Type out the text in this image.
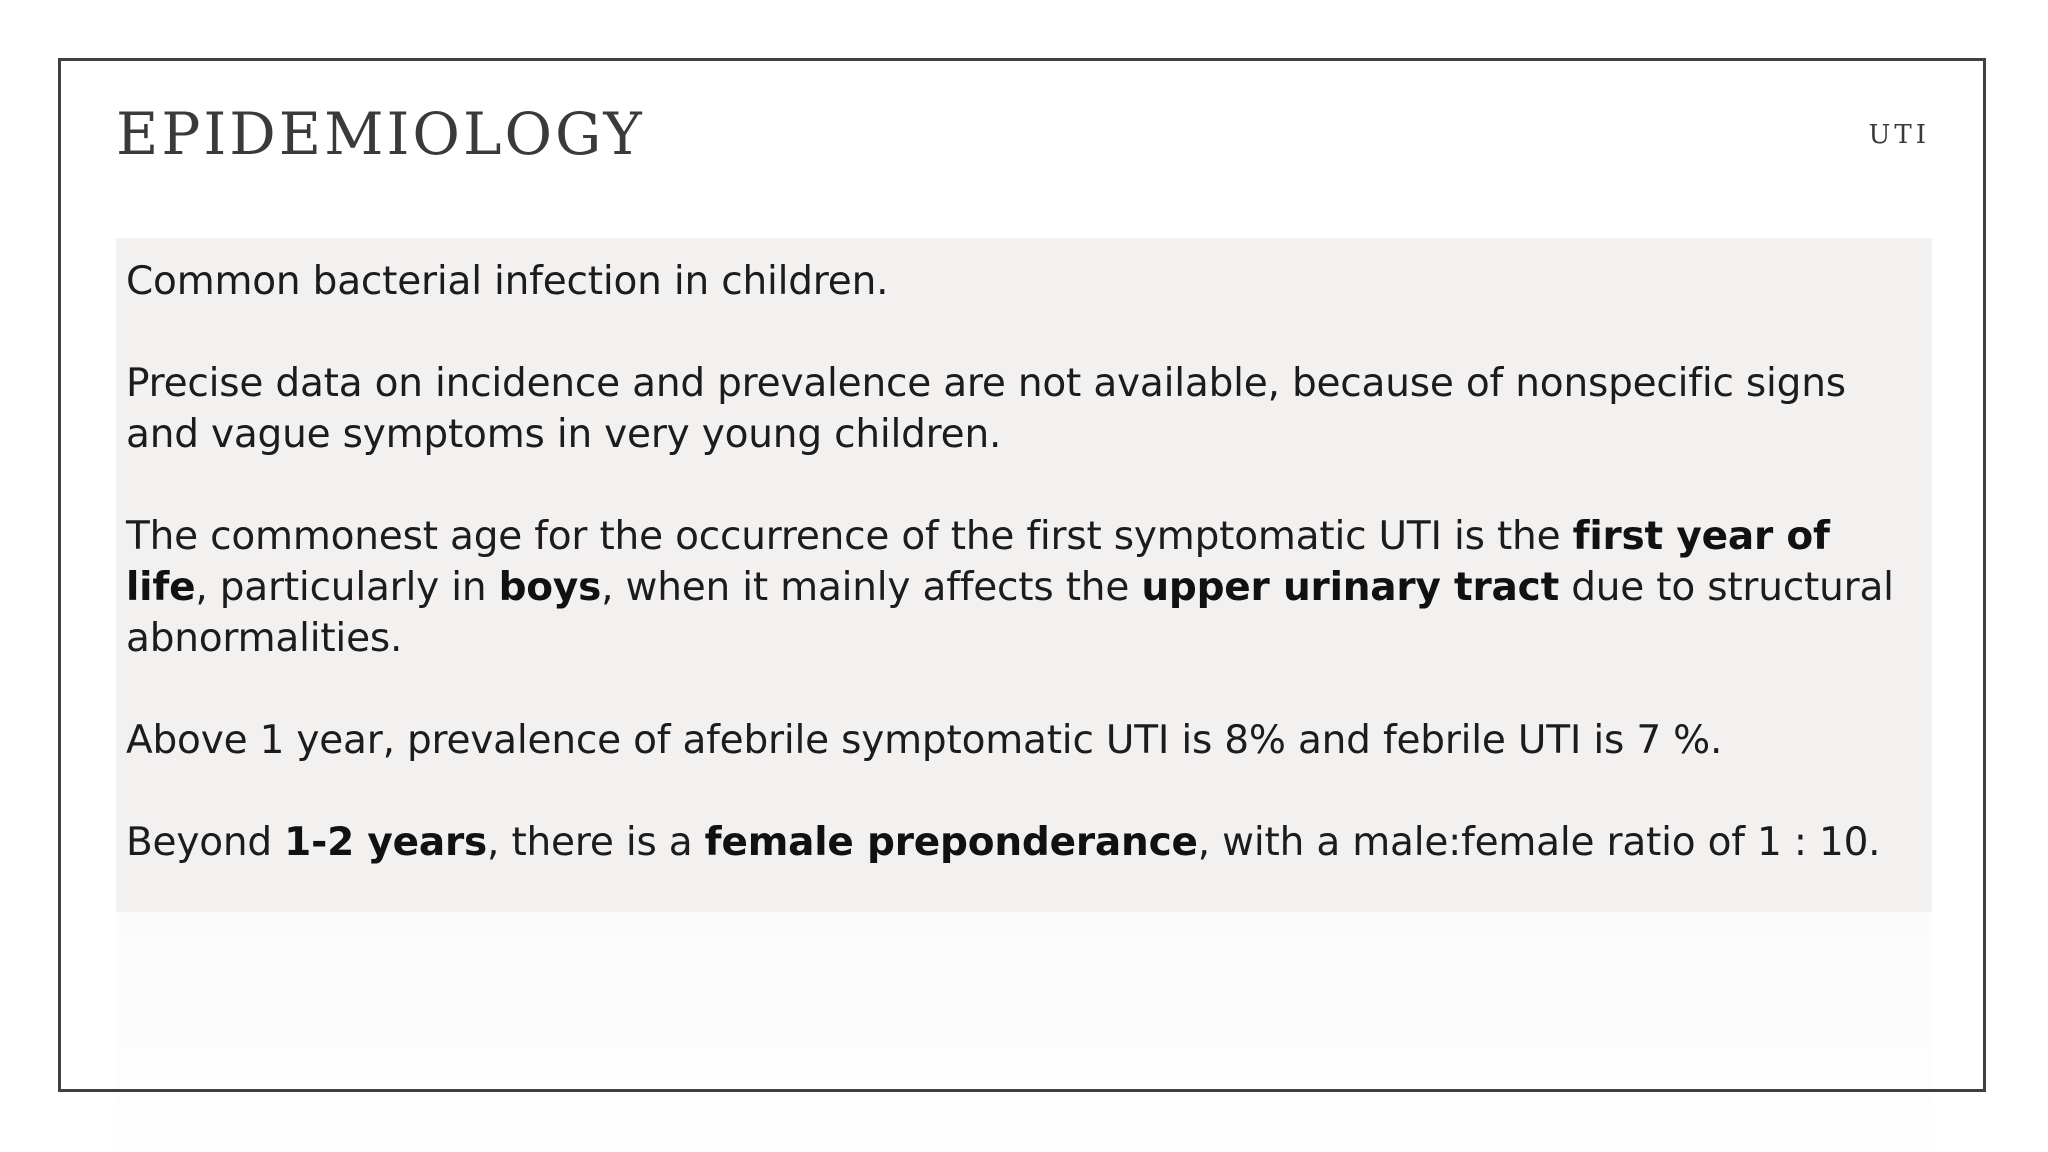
EPIDEMIOLOGY	UTI

Common bacterial infection in children.

Precise data on incidence and prevalence are not available, because of nonspecific signs and vague symptoms in very young children.

The commonest age for the occurrence of the first symptomatic UTI is the first year of life, particularly in boys, when it mainly affects the upper urinary tract due to structural abnormalities.

Above 1 year, prevalence of afebrile symptomatic UTI is 8% and febrile UTI is 7 %.

Beyond 1-2 years, there is a female preponderance, with a male:female ratio of 1 : 10.
